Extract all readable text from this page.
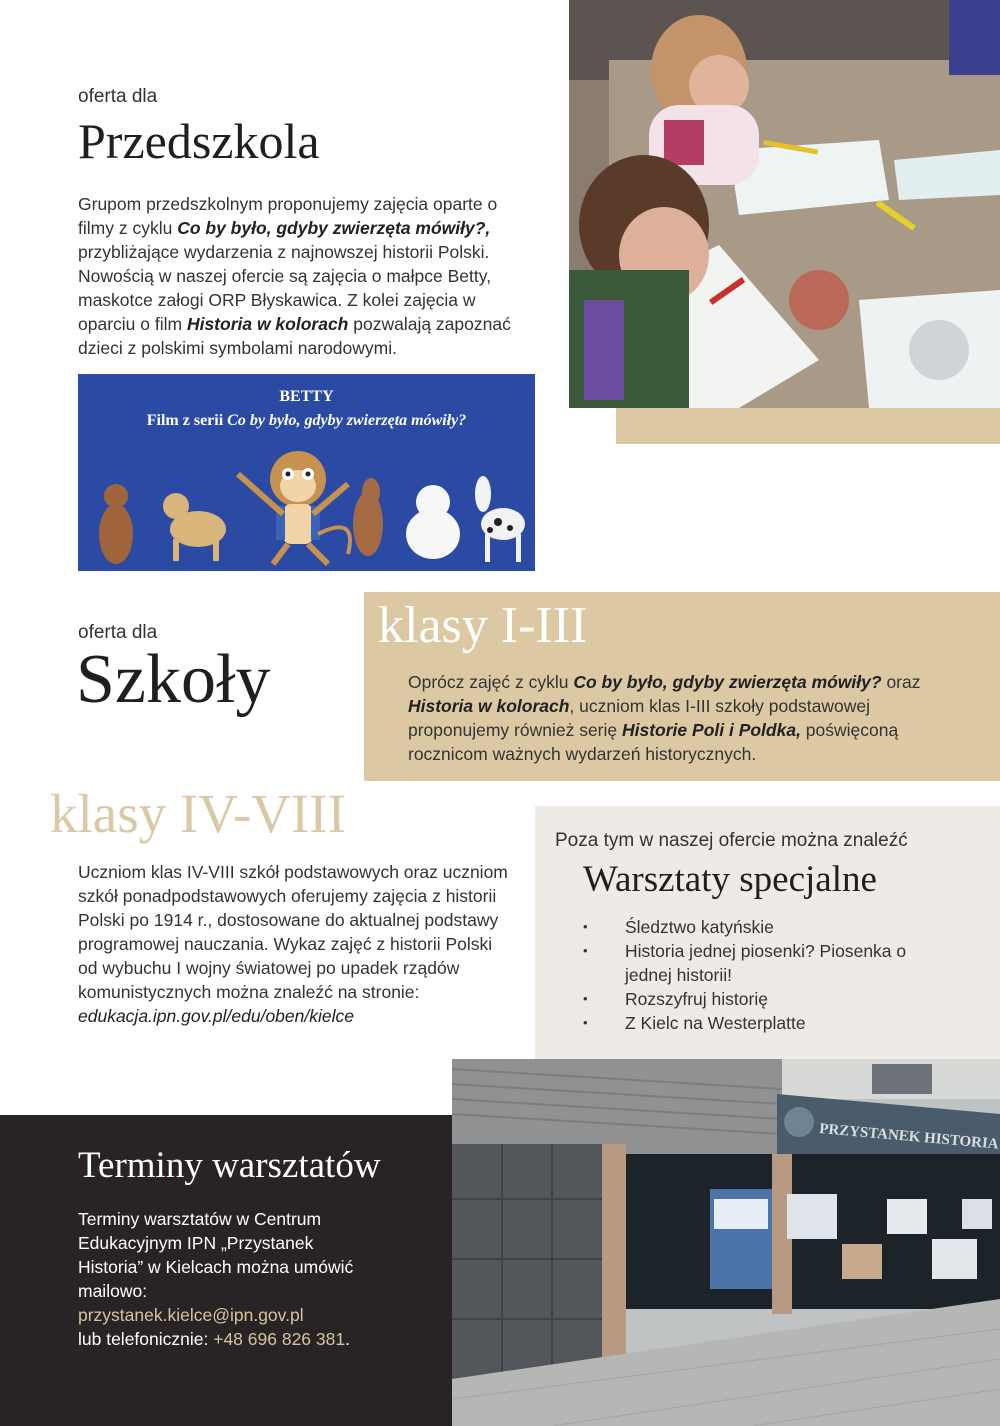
oferta dla
Przedszkola
Grupom przedszkolnym proponujemy zajęcia oparte o filmy z cyklu Co by było, gdyby zwierzęta mówiły?, przybliżające wydarzenia z najnowszej historii Polski. Nowością w naszej ofercie są zajęcia o małpce Betty, maskotce załogi ORP Błyskawica. Z kolei zajęcia w oparciu o film Historia w kolorach pozwalają zapoznać dzieci z polskimi symbolami narodowymi.
BETTY
Film z serii Co by było, gdyby zwierzęta mówiły?
oferta dla
Szkoły
klasy I-III
Oprócz zajęć z cyklu Co by było, gdyby zwierzęta mówiły? oraz Historia w kolorach, uczniom klas I-III szkoły podstawowej proponujemy również serię Historie Poli i Poldka, poświęconą rocznicom ważnych wydarzeń historycznych.
klasy IV-VIII
Uczniom klas IV-VIII szkół podstawowych oraz uczniom szkół ponadpodstawowych oferujemy zajęcia z historii Polski po 1914 r., dostosowane do aktualnej podstawy programowej nauczania. Wykaz zajęć z historii Polski od wybuchu I wojny światowej po upadek rządów komunistycznych można znaleźć na stronie:
edukacja.ipn.gov.pl/edu/oben/kielce
Poza tym w naszej ofercie można znaleźć
Warsztaty specjalne
• Śledztwo katyńskie
• Historia jednej piosenki? Piosenka o jednej historii!
• Rozszyfruj historię
• Z Kielc na Westerplatte
PRZYSTANEK HISTORIA
Terminy warsztatów
Terminy warsztatów w Centrum Edukacyjnym IPN „Przystanek Historia” w Kielcach można umówić mailowo:
przystanek.kielce@ipn.gov.pl
lub telefonicznie: +48 696 826 381.
